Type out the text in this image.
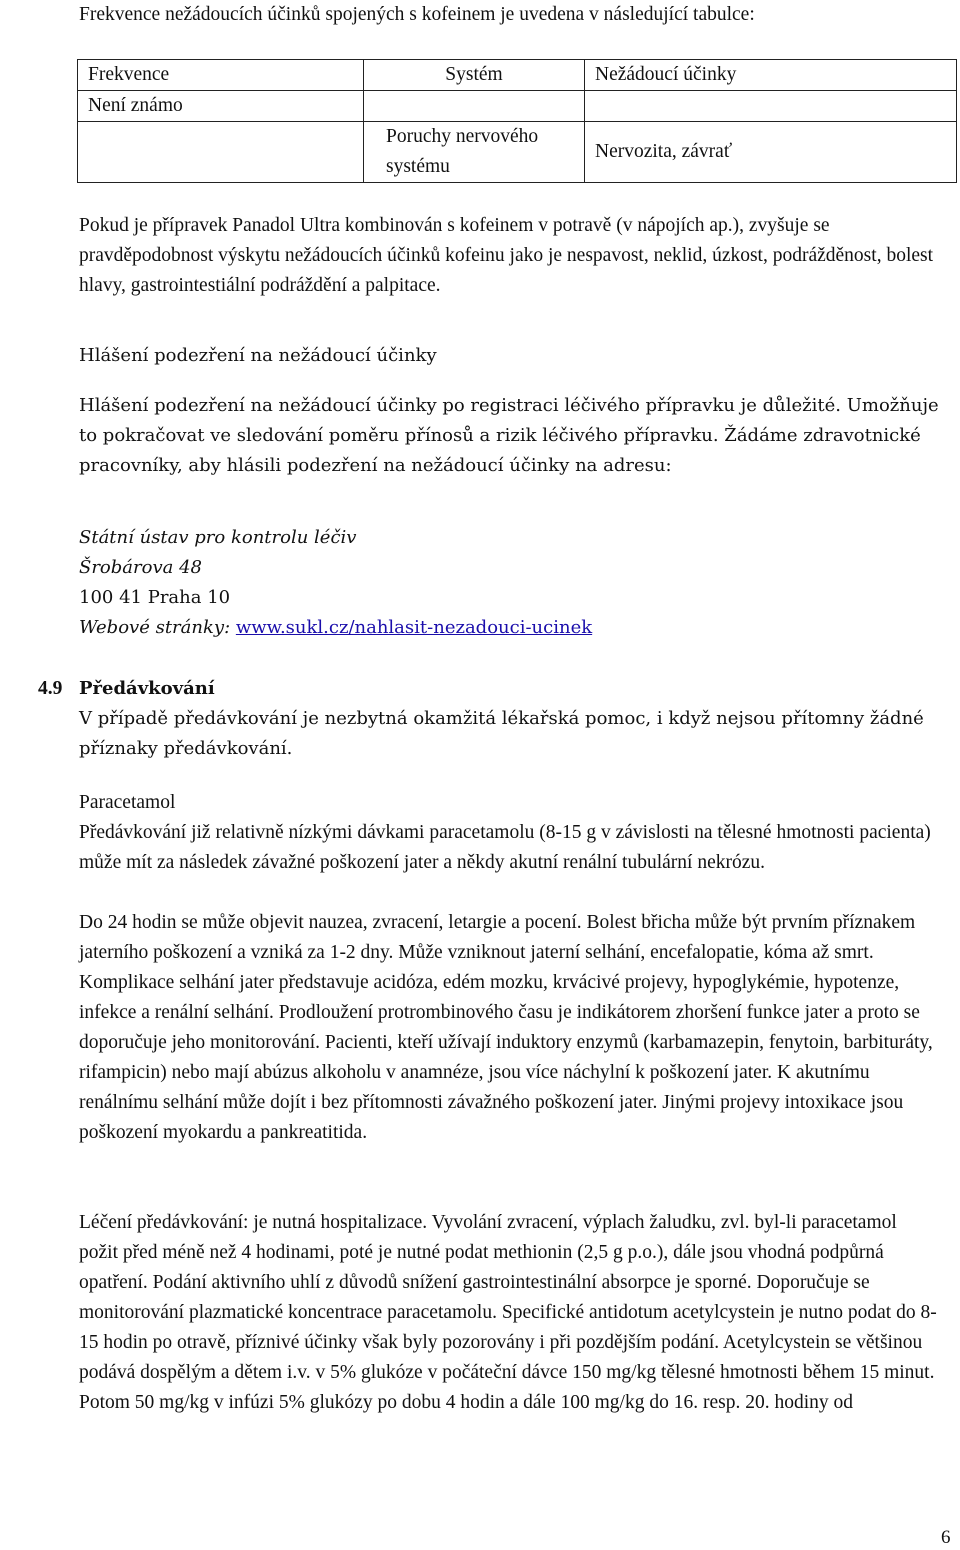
Frekvence nežádoucích účinků spojených s kofeinem je uvedena v následující tabulce:
Frekvence	Systém	Nežádoucí účinky
Není známo		
	Poruchy nervového systému	Nervozita, závrať
Pokud je přípravek Panadol Ultra kombinován s kofeinem v potravě (v nápojích ap.), zvyšuje se pravděpodobnost výskytu nežádoucích účinků kofeinu jako je nespavost, neklid, úzkost, podrážděnost, bolest hlavy, gastrointestiální podráždění a palpitace.
Hlášení podezření na nežádoucí účinky
Hlášení podezření na nežádoucí účinky po registraci léčivého přípravku je důležité. Umožňuje to pokračovat ve sledování poměru přínosů a rizik léčivého přípravku. Žádáme zdravotnické pracovníky, aby hlásili podezření na nežádoucí účinky na adresu:
Státní ústav pro kontrolu léčiv
Šrobárova 48
100 41 Praha 10
Webové stránky: www.sukl.cz/nahlasit-nezadouci-ucinek
4.9 Předávkování
V případě předávkování je nezbytná okamžitá lékařská pomoc, i když nejsou přítomny žádné příznaky předávkování.
Paracetamol
Předávkování již relativně nízkými dávkami paracetamolu (8-15 g v závislosti na tělesné hmotnosti pacienta) může mít za následek závažné poškození jater a někdy akutní renální tubulární nekrózu.
Do 24 hodin se může objevit nauzea, zvracení, letargie a pocení. Bolest břicha může být prvním příznakem jaterního poškození a vzniká za 1-2 dny. Může vzniknout jaterní selhání, encefalopatie, kóma až smrt. Komplikace selhání jater představuje acidóza, edém mozku, krvácivé projevy, hypoglykémie, hypotenze, infekce a renální selhání. Prodloužení protrombinového času je indikátorem zhoršení funkce jater a proto se doporučuje jeho monitorování. Pacienti, kteří užívají induktory enzymů (karbamazepin, fenytoin, barbituráty, rifampicin) nebo mají abúzus alkoholu v anamnéze, jsou více náchylní k poškození jater. K akutnímu renálnímu selhání může dojít i bez přítomnosti závažného poškození jater. Jinými projevy intoxikace jsou poškození myokardu a pankreatitida.
Léčení předávkování: je nutná hospitalizace. Vyvolání zvracení, výplach žaludku, zvl. byl-li paracetamol požit před méně než 4 hodinami, poté je nutné podat methionin (2,5 g p.o.), dále jsou vhodná podpůrná opatření. Podání aktivního uhlí z důvodů snížení gastrointestinální absorpce je sporné. Doporučuje se monitorování plazmatické koncentrace paracetamolu. Specifické antidotum acetylcystein je nutno podat do 8-15 hodin po otravě, příznivé účinky však byly pozorovány i při pozdějším podání. Acetylcystein se většinou podává dospělým a dětem i.v. v 5% glukóze v počáteční dávce 150 mg/kg tělesné hmotnosti během 15 minut. Potom 50 mg/kg v infúzi 5% glukózy po dobu 4 hodin a dále 100 mg/kg do 16. resp. 20. hodiny od
6
